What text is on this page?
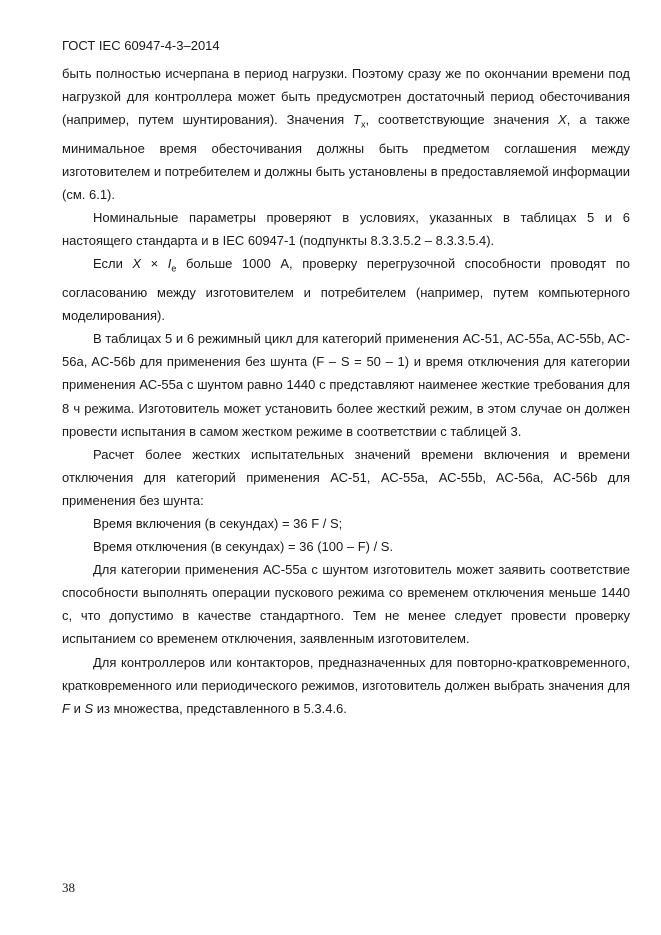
ГОСТ IEC 60947-4-3–2014

быть полностью исчерпана в период нагрузки. Поэтому сразу же по окончании времени под нагрузкой для контроллера может быть предусмотрен достаточный период обесточивания (например, путем шунтирования). Значения $T_x$, соответствующие значения X, а также минимальное время обесточивания должны быть предметом соглашения между изготовителем и потребителем и должны быть установлены в предоставляемой информации (см. 6.1).

Номинальные параметры проверяют в условиях, указанных в таблицах 5 и 6 настоящего стандарта и в IEC 60947-1 (подпункты 8.3.3.5.2 – 8.3.3.5.4).

Если $X \times I_e$ больше 1000 А, проверку перегрузочной способности проводят по согласованию между изготовителем и потребителем (например, путем компьютерного моделирования).

В таблицах 5 и 6 режимный цикл для категорий применения АС-51, АС-55a, AC-55b, AC-56a, AC-56b для применения без шунта (F – S = 50 – 1) и время отключения для категории применения АС-55а с шунтом равно 1440 с представляют наименее жесткие требования для 8 ч режима. Изготовитель может установить более жесткий режим, в этом случае он должен провести испытания в самом жестком режиме в соответствии с таблицей 3.

Расчет более жестких испытательных значений времени включения и времени отключения для категорий применения АС-51, АС-55а, АС-55b, AC-56a, AC-56b для применения без шунта:

Время включения (в секундах) = 36 F / S;

Время отключения (в секундах) = 36 (100 – F) / S.

Для категории применения АС-55а с шунтом изготовитель может заявить соответствие способности выполнять операции пускового режима со временем отключения меньше 1440 с, что допустимо в качестве стандартного. Тем не менее следует провести проверку испытанием со временем отключения, заявленным изготовителем.

Для контроллеров или контакторов, предназначенных для повторно-кратковременного, кратковременного или периодического режимов, изготовитель должен выбрать значения для F и S из множества, представленного в 5.3.4.6.

38
